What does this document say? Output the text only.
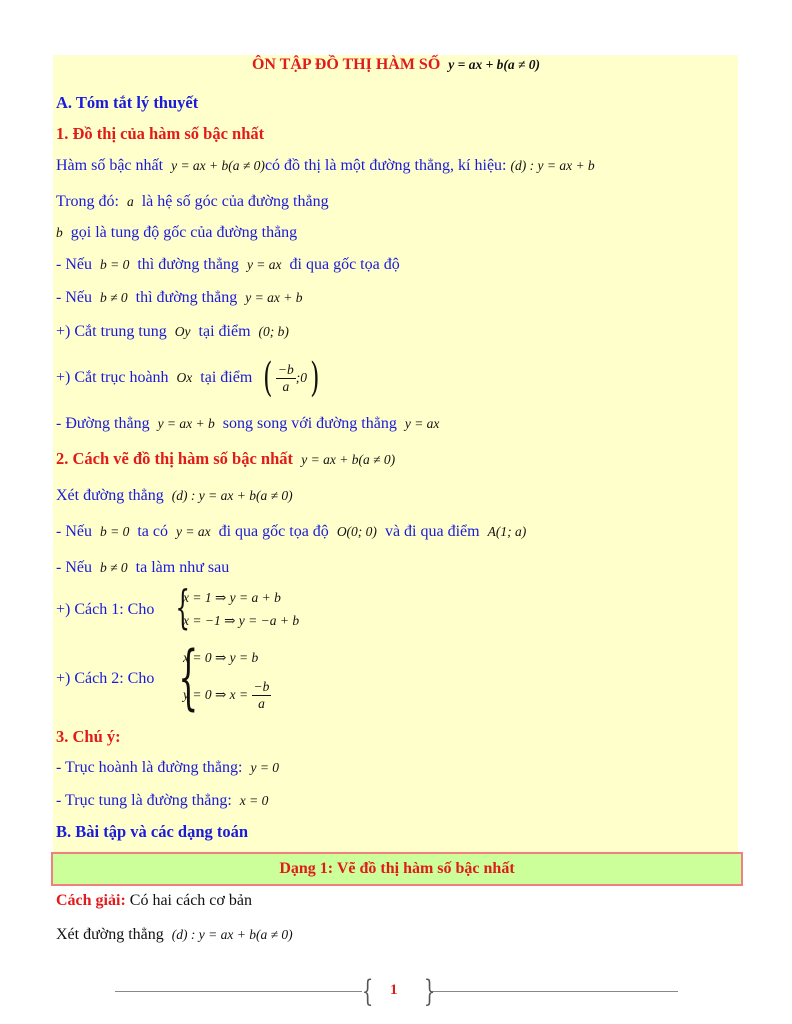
ÔN TẬP ĐỒ THỊ HÀM SỐ y = ax + b(a ≠ 0)
A. Tóm tắt lý thuyết
1. Đồ thị của hàm số bậc nhất
Hàm số bậc nhất y = ax + b(a ≠ 0)có đồ thị là một đường thẳng, kí hiệu: (d) : y = ax + b
Trong đó: a là hệ số góc của đường thẳng
b gọi là tung độ gốc của đường thẳng
- Nếu b = 0 thì đường thẳng y = ax đi qua gốc tọa độ
- Nếu b ≠ 0 thì đường thẳng y = ax + b
+) Cắt trung tung Oy tại điểm (0; b)
+) Cắt trục hoành Ox tại điểm ( $\frac{-b}{a}$ ;0)
- Đường thẳng y = ax + b song song với đường thẳng y = ax
2. Cách vẽ đồ thị hàm số bậc nhất y = ax + b(a ≠ 0)
Xét đường thẳng (d) : y = ax + b(a ≠ 0)
- Nếu b = 0 ta có y = ax đi qua gốc tọa độ O(0; 0) và đi qua điểm A(1; a)
- Nếu b ≠ 0 ta làm như sau
+) Cách 1: Cho {
x = 1 ⇒ y = a + b
x = −1 ⇒ y = −a + b
+) Cách 2: Cho {
x = 0 ⇒ y = b
y = 0 ⇒ $x = \frac{-b}{a}$
3. Chú ý:
- Trục hoành là đường thẳng: y = 0
- Trục tung là đường thẳng: x = 0
B. Bài tập và các dạng toán
Dạng 1: Vẽ đồ thị hàm số bậc nhất
Cách giải: Có hai cách cơ bản
Xét đường thẳng (d) : y = ax + b(a ≠ 0)
{ }
1
